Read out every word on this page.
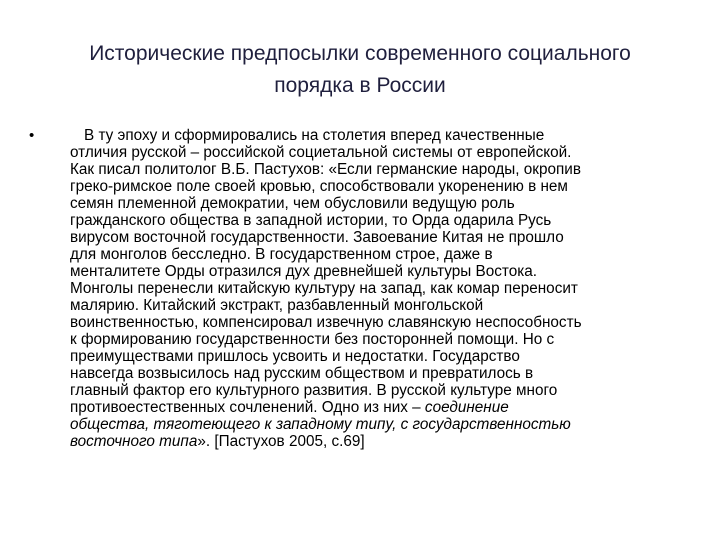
Исторические предпосылки современного социального
порядка в России
•	В ту эпоху и сформировались на столетия вперед качественные
отличия русской – российской социетальной системы от европейской.
Как писал политолог В.Б. Пастухов: «Если германские народы, окропив
греко-римское поле своей кровью, способствовали укоренению в нем
семян племенной демократии, чем обусловили ведущую роль
гражданского общества в западной истории, то Орда одарила Русь
вирусом восточной государственности. Завоевание Китая не прошло
для монголов бесследно. В государственном строе, даже в
менталитете Орды отразился дух древнейшей культуры Востока.
Монголы перенесли китайскую культуру на запад, как комар переносит
малярию. Китайский экстракт, разбавленный монгольской
воинственностью, компенсировал извечную славянскую неспособность
к формированию государственности без посторонней помощи. Но с
преимуществами пришлось усвоить и недостатки. Государство
навсегда возвысилось над русским обществом и превратилось в
главный фактор его культурного развития. В русской культуре много
противоестественных сочленений. Одно из них – соединение
общества, тяготеющего к западному типу, с государственностью
восточного типа». [Пастухов 2005, с.69]
